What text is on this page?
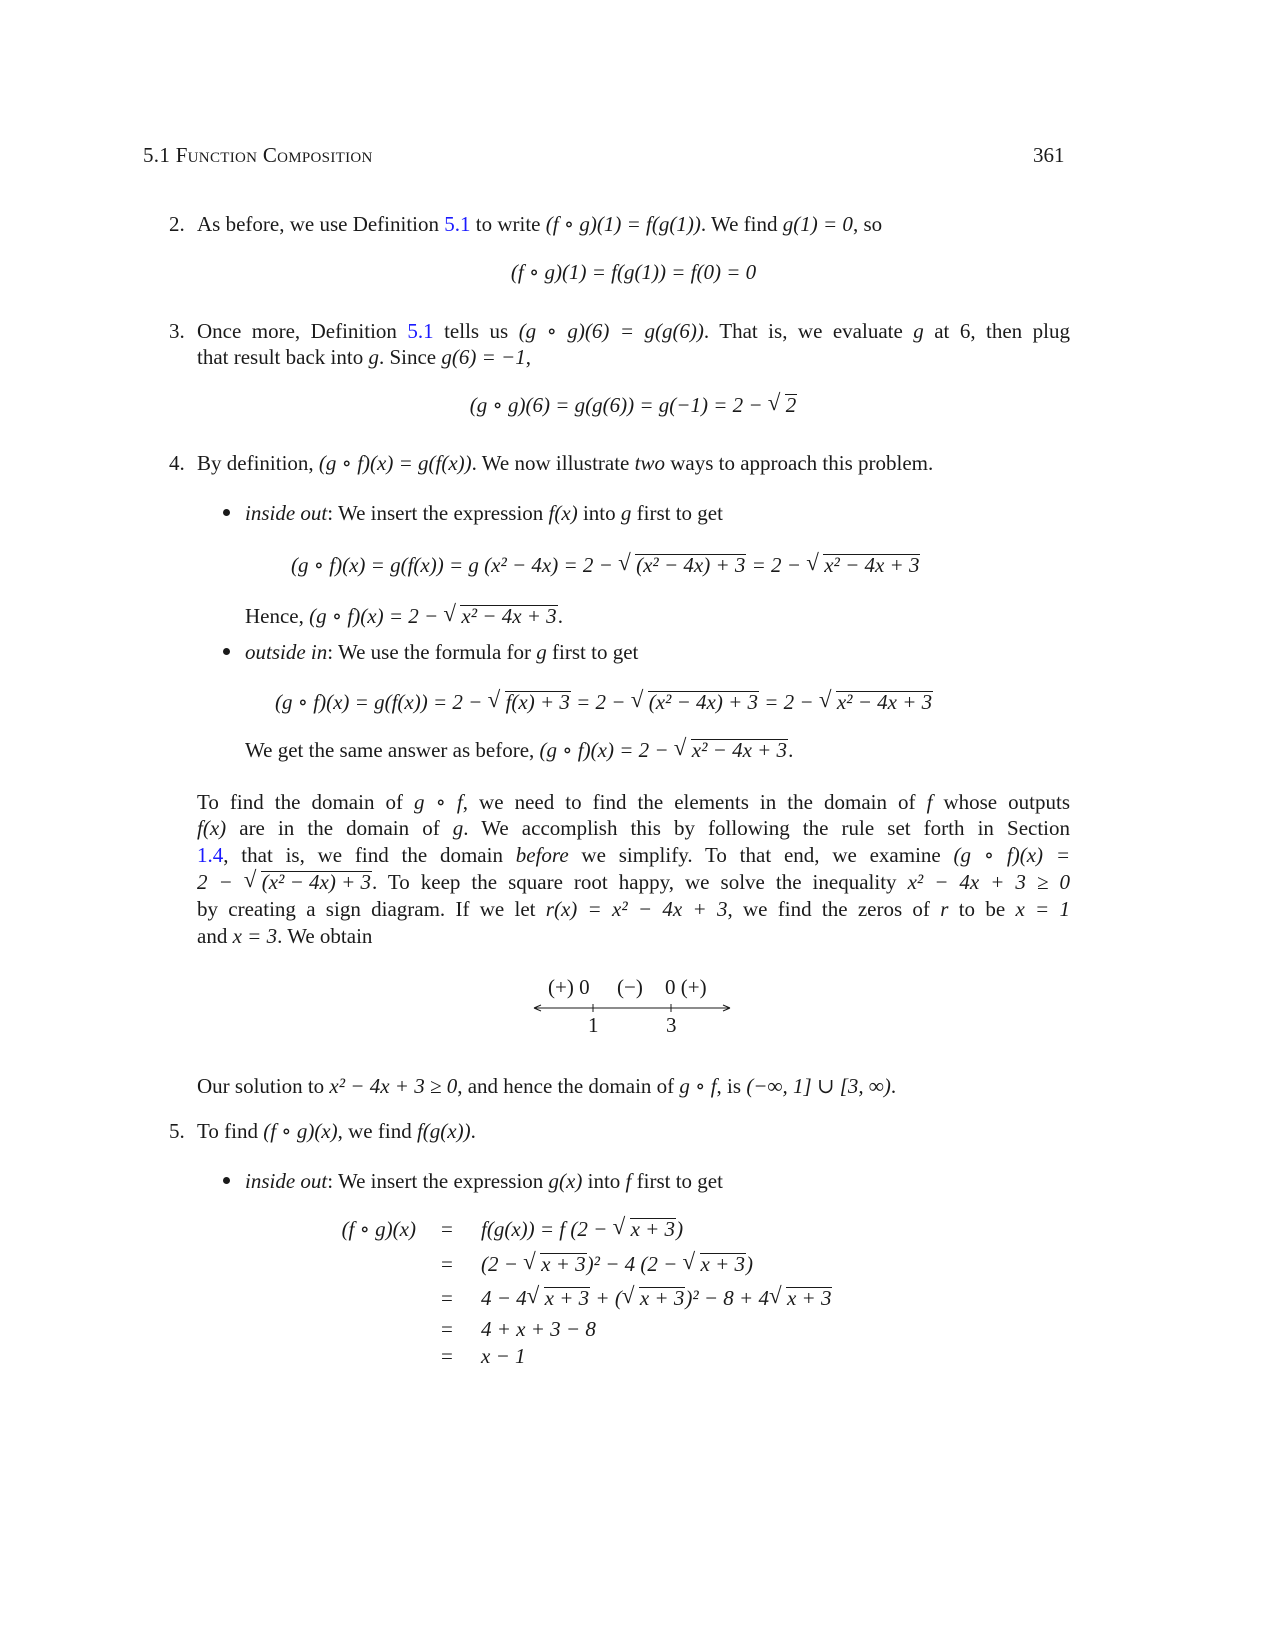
5.1 Function Composition	361
2. As before, we use Definition 5.1 to write (f ∘ g)(1) = f(g(1)). We find g(1) = 0, so
(f ∘ g)(1) = f(g(1)) = f(0) = 0
3. Once more, Definition 5.1 tells us (g ∘ g)(6) = g(g(6)). That is, we evaluate g at 6, then plug
that result back into g. Since g(6) = −1,
(g ∘ g)(6) = g(g(6)) = g(−1) = 2 − √ 2
4. By definition, (g ∘ f)(x) = g(f(x)). We now illustrate two ways to approach this problem.
inside out: We insert the expression f(x) into g first to get
(g ∘ f)(x) = g(f(x)) = g (x² − 4x) = 2 − √ (x² − 4x) + 3 = 2 − √ x² − 4x + 3
Hence, (g ∘ f)(x) = 2 − √ x² − 4x + 3.
outside in: We use the formula for g first to get
(g ∘ f)(x) = g(f(x)) = 2 − √ f(x) + 3 = 2 − √ (x² − 4x) + 3 = 2 − √ x² − 4x + 3
We get the same answer as before, (g ∘ f)(x) = 2 − √ x² − 4x + 3.
To find the domain of g ∘ f, we need to find the elements in the domain of f whose outputs
f(x) are in the domain of g. We accomplish this by following the rule set forth in Section
1.4, that is, we find the domain before we simplify. To that end, we examine (g ∘ f)(x) =
2 − √ (x² − 4x) + 3. To keep the square root happy, we solve the inequality x² − 4x + 3 ≥ 0
by creating a sign diagram. If we let r(x) = x² − 4x + 3, we find the zeros of r to be x = 1
and x = 3. We obtain
(+) 0 (−) 0 (+)
1	3
Our solution to x² − 4x + 3 ≥ 0, and hence the domain of g ∘ f, is (−∞, 1] ∪ [3, ∞).
5. To find (f ∘ g)(x), we find f(g(x)).
inside out: We insert the expression g(x) into f first to get
(f ∘ g)(x) =
=
=
=
=
f(g(x)) = f (2 − √ x + 3)
(2 − √ x + 3)² − 4 (2 − √ x + 3)
4 − 4 √ x + 3 + ( √ x + 3)² − 8 + 4 √ x + 3
4 + x + 3 − 8
x − 1
